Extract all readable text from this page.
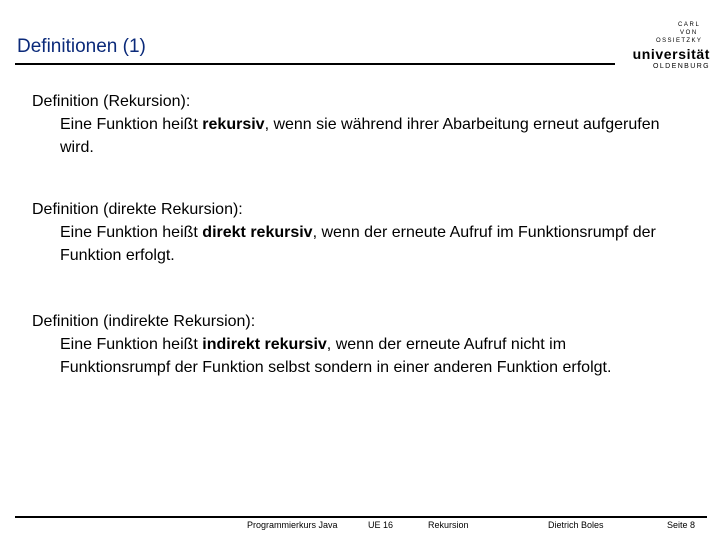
Definitionen (1)
CARL
VON
OSSIETZKY
universität
OLDENBURG
Definition (Rekursion):
Eine Funktion heißt rekursiv, wenn sie während ihrer Abarbeitung erneut aufgerufen wird.
Definition (direkte Rekursion):
Eine Funktion heißt direkt rekursiv, wenn der erneute Aufruf im Funktionsrumpf der Funktion erfolgt.
Definition (indirekte Rekursion):
Eine Funktion heißt indirekt rekursiv, wenn der erneute Aufruf nicht im Funktionsrumpf der Funktion selbst sondern in einer anderen Funktion erfolgt.
Programmierkurs Java	UE 16	Rekursion	Dietrich Boles	Seite 8
